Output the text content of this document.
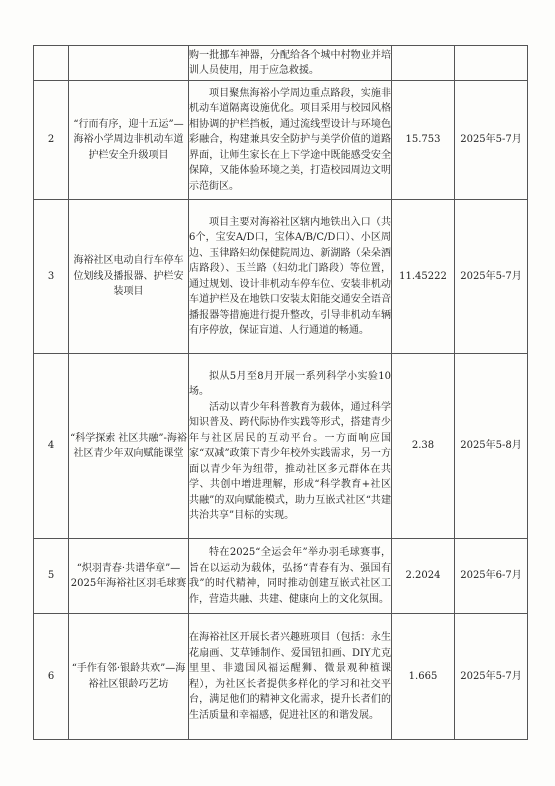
		购一批挪车神器，分配给各个城中村物业并培训人员使用，用于应急救援。		

2	“行而有序，迎十五运”—海裕小学周边非机动车道护栏安全升级项目	项目聚焦海裕小学周边重点路段，实施非机动车道隔离设施优化。项目采用与校园风格相协调的护栏挡板，通过流线型设计与环境色彩融合，构建兼具安全防护与美学价值的道路界面，让师生家长在上下学途中既能感受安全保障，又能体验环境之美，打造校园周边文明示范街区。	15.753	2025年5-7月
3	海裕社区电动自行车停车位划线及播报器、护栏安装项目	项目主要对海裕社区辖内地铁出入口（共6个，宝安A/D口，宝体A/B/C/D口）、小区周边、玉律路妇幼保健院周边、新湖路（朵朵酒店路段）、玉兰路（妇幼北门路段）等位置，通过规划、设计非机动车停车位、安装非机动车道护栏及在地铁口安装太阳能交通安全语音播报器等措施进行提升整改，引导非机动车辆有序停放，保证盲道、人行通道的畅通。	11.45222	2025年5-7月
4	“科学探索 社区共融”-海裕社区青少年双向赋能课堂	拟从5月至8月开展一系列科学小实验10场。
活动以青少年科普教育为载体，通过科学知识普及、跨代际协作实践等形式，搭建青少年与社区居民的互动平台。一方面响应国家“双减”政策下青少年校外实践需求，另一方面以青少年为纽带，推动社区多元群体在共学、共创中增进理解，形成“科学教育+社区共融”的双向赋能模式，助力互嵌式社区“共建共治共享”目标的实现。	2.38	2025年5-8月
5	“炽羽青春·共谱华章”—2025年海裕社区羽毛球赛	特在2025“全运会年”举办羽毛球赛事，旨在以运动为载体，弘扬“青春有为、强国有我”的时代精神，同时推动创建互嵌式社区工作，营造共融、共建、健康向上的文化氛围。	2.2024	2025年6-7月
6	“手作有邻·银龄共欢”—海裕社区银龄巧艺坊	在海裕社区开展长者兴趣班项目（包括：永生花扇画、艾草锤制作、爱国钮扣画、DIY尤克里里、非遗国风福运醒狮、微景观种植课程），为社区长者提供多样化的学习和社交平台，满足他们的精神文化需求，提升长者们的生活质量和幸福感，促进社区的和谐发展。	1.665	2025年5-7月
